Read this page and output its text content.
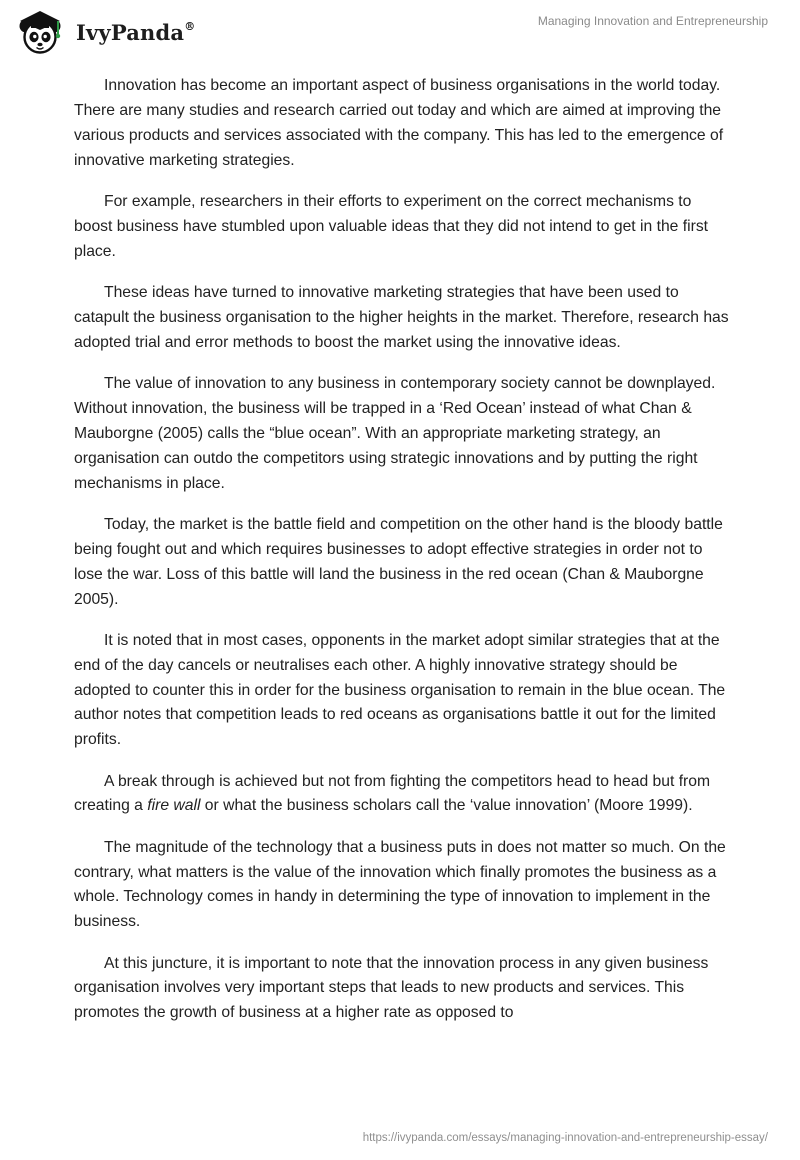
IvyPanda®	Managing Innovation and Entrepreneurship

Innovation has become an important aspect of business organisations in the world today. There are many studies and research carried out today and which are aimed at improving the various products and services associated with the company. This has led to the emergence of innovative marketing strategies.

For example, researchers in their efforts to experiment on the correct mechanisms to boost business have stumbled upon valuable ideas that they did not intend to get in the first place.

These ideas have turned to innovative marketing strategies that have been used to catapult the business organisation to the higher heights in the market. Therefore, research has adopted trial and error methods to boost the market using the innovative ideas.

The value of innovation to any business in contemporary society cannot be downplayed. Without innovation, the business will be trapped in a ‘Red Ocean’ instead of what Chan & Mauborgne (2005) calls the “blue ocean”. With an appropriate marketing strategy, an organisation can outdo the competitors using strategic innovations and by putting the right mechanisms in place.

Today, the market is the battle field and competition on the other hand is the bloody battle being fought out and which requires businesses to adopt effective strategies in order not to lose the war. Loss of this battle will land the business in the red ocean (Chan & Mauborgne 2005).

It is noted that in most cases, opponents in the market adopt similar strategies that at the end of the day cancels or neutralises each other. A highly innovative strategy should be adopted to counter this in order for the business organisation to remain in the blue ocean. The author notes that competition leads to red oceans as organisations battle it out for the limited profits.

A break through is achieved but not from fighting the competitors head to head but from creating a fire wall or what the business scholars call the ‘value innovation’ (Moore 1999).

The magnitude of the technology that a business puts in does not matter so much. On the contrary, what matters is the value of the innovation which finally promotes the business as a whole. Technology comes in handy in determining the type of innovation to implement in the business.

At this juncture, it is important to note that the innovation process in any given business organisation involves very important steps that leads to new products and services. This promotes the growth of business at a higher rate as opposed to

https://ivypanda.com/essays/managing-innovation-and-entrepreneurship-essay/
